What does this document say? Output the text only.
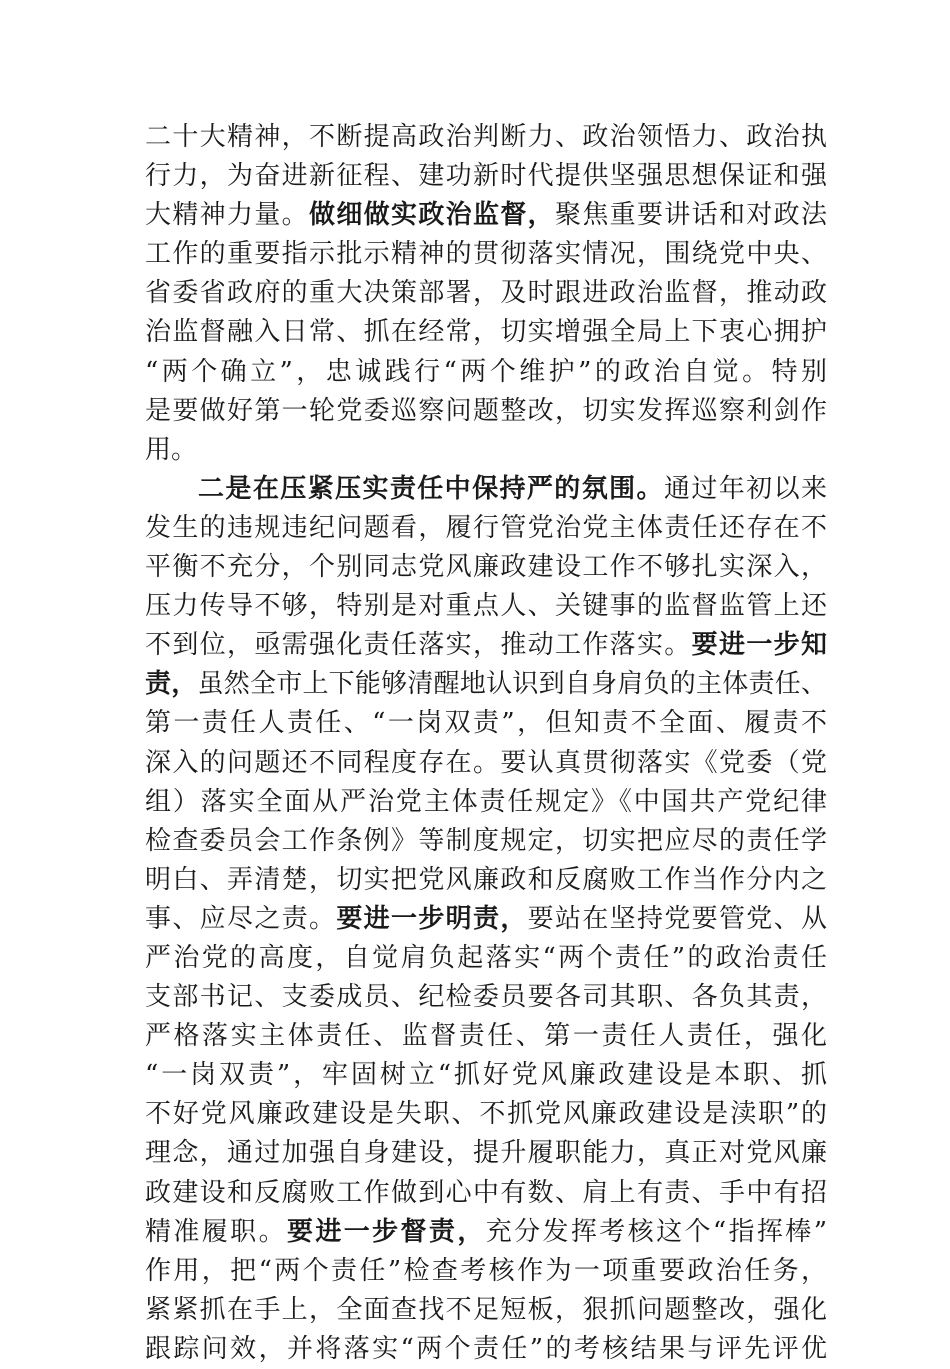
二十大精神，不断提高政治判断力、政治领悟力、政治执
行力，为奋进新征程、建功新时代提供坚强思想保证和强
大精神力量。做细做实政治监督，聚焦重要讲话和对政法
工作的重要指示批示精神的贯彻落实情况，围绕党中央、
省委省政府的重大决策部署，及时跟进政治监督，推动政
治监督融入日常、抓在经常，切实增强全局上下衷心拥护
“两个确立”，忠诚践行“两个维护”的政治自觉。特别
是要做好第一轮党委巡察问题整改，切实发挥巡察利剑作
用。
二是在压紧压实责任中保持严的氛围。通过年初以来
发生的违规违纪问题看，履行管党治党主体责任还存在不
平衡不充分，个别同志党风廉政建设工作不够扎实深入，
压力传导不够，特别是对重点人、关键事的监督监管上还
不到位，亟需强化责任落实，推动工作落实。要进一步知
责，虽然全市上下能够清醒地认识到自身肩负的主体责任、
第一责任人责任、“一岗双责”，但知责不全面、履责不
深入的问题还不同程度存在。要认真贯彻落实《党委（党
组）落实全面从严治党主体责任规定》《中国共产党纪律
检查委员会工作条例》等制度规定，切实把应尽的责任学
明白、弄清楚，切实把党风廉政和反腐败工作当作分内之
事、应尽之责。要进一步明责，要站在坚持党要管党、从
严治党的高度，自觉肩负起落实“两个责任”的政治责任
支部书记、支委成员、纪检委员要各司其职、各负其责，
严格落实主体责任、监督责任、第一责任人责任，强化
“一岗双责”，牢固树立“抓好党风廉政建设是本职、抓
不好党风廉政建设是失职、不抓党风廉政建设是渎职”的
理念，通过加强自身建设，提升履职能力，真正对党风廉
政建设和反腐败工作做到心中有数、肩上有责、手中有招
精准履职。要进一步督责，充分发挥考核这个“指挥棒”
作用，把“两个责任”检查考核作为一项重要政治任务，
紧紧抓在手上，全面查找不足短板，狠抓问题整改，强化
跟踪问效，并将落实“两个责任”的考核结果与评先评优
